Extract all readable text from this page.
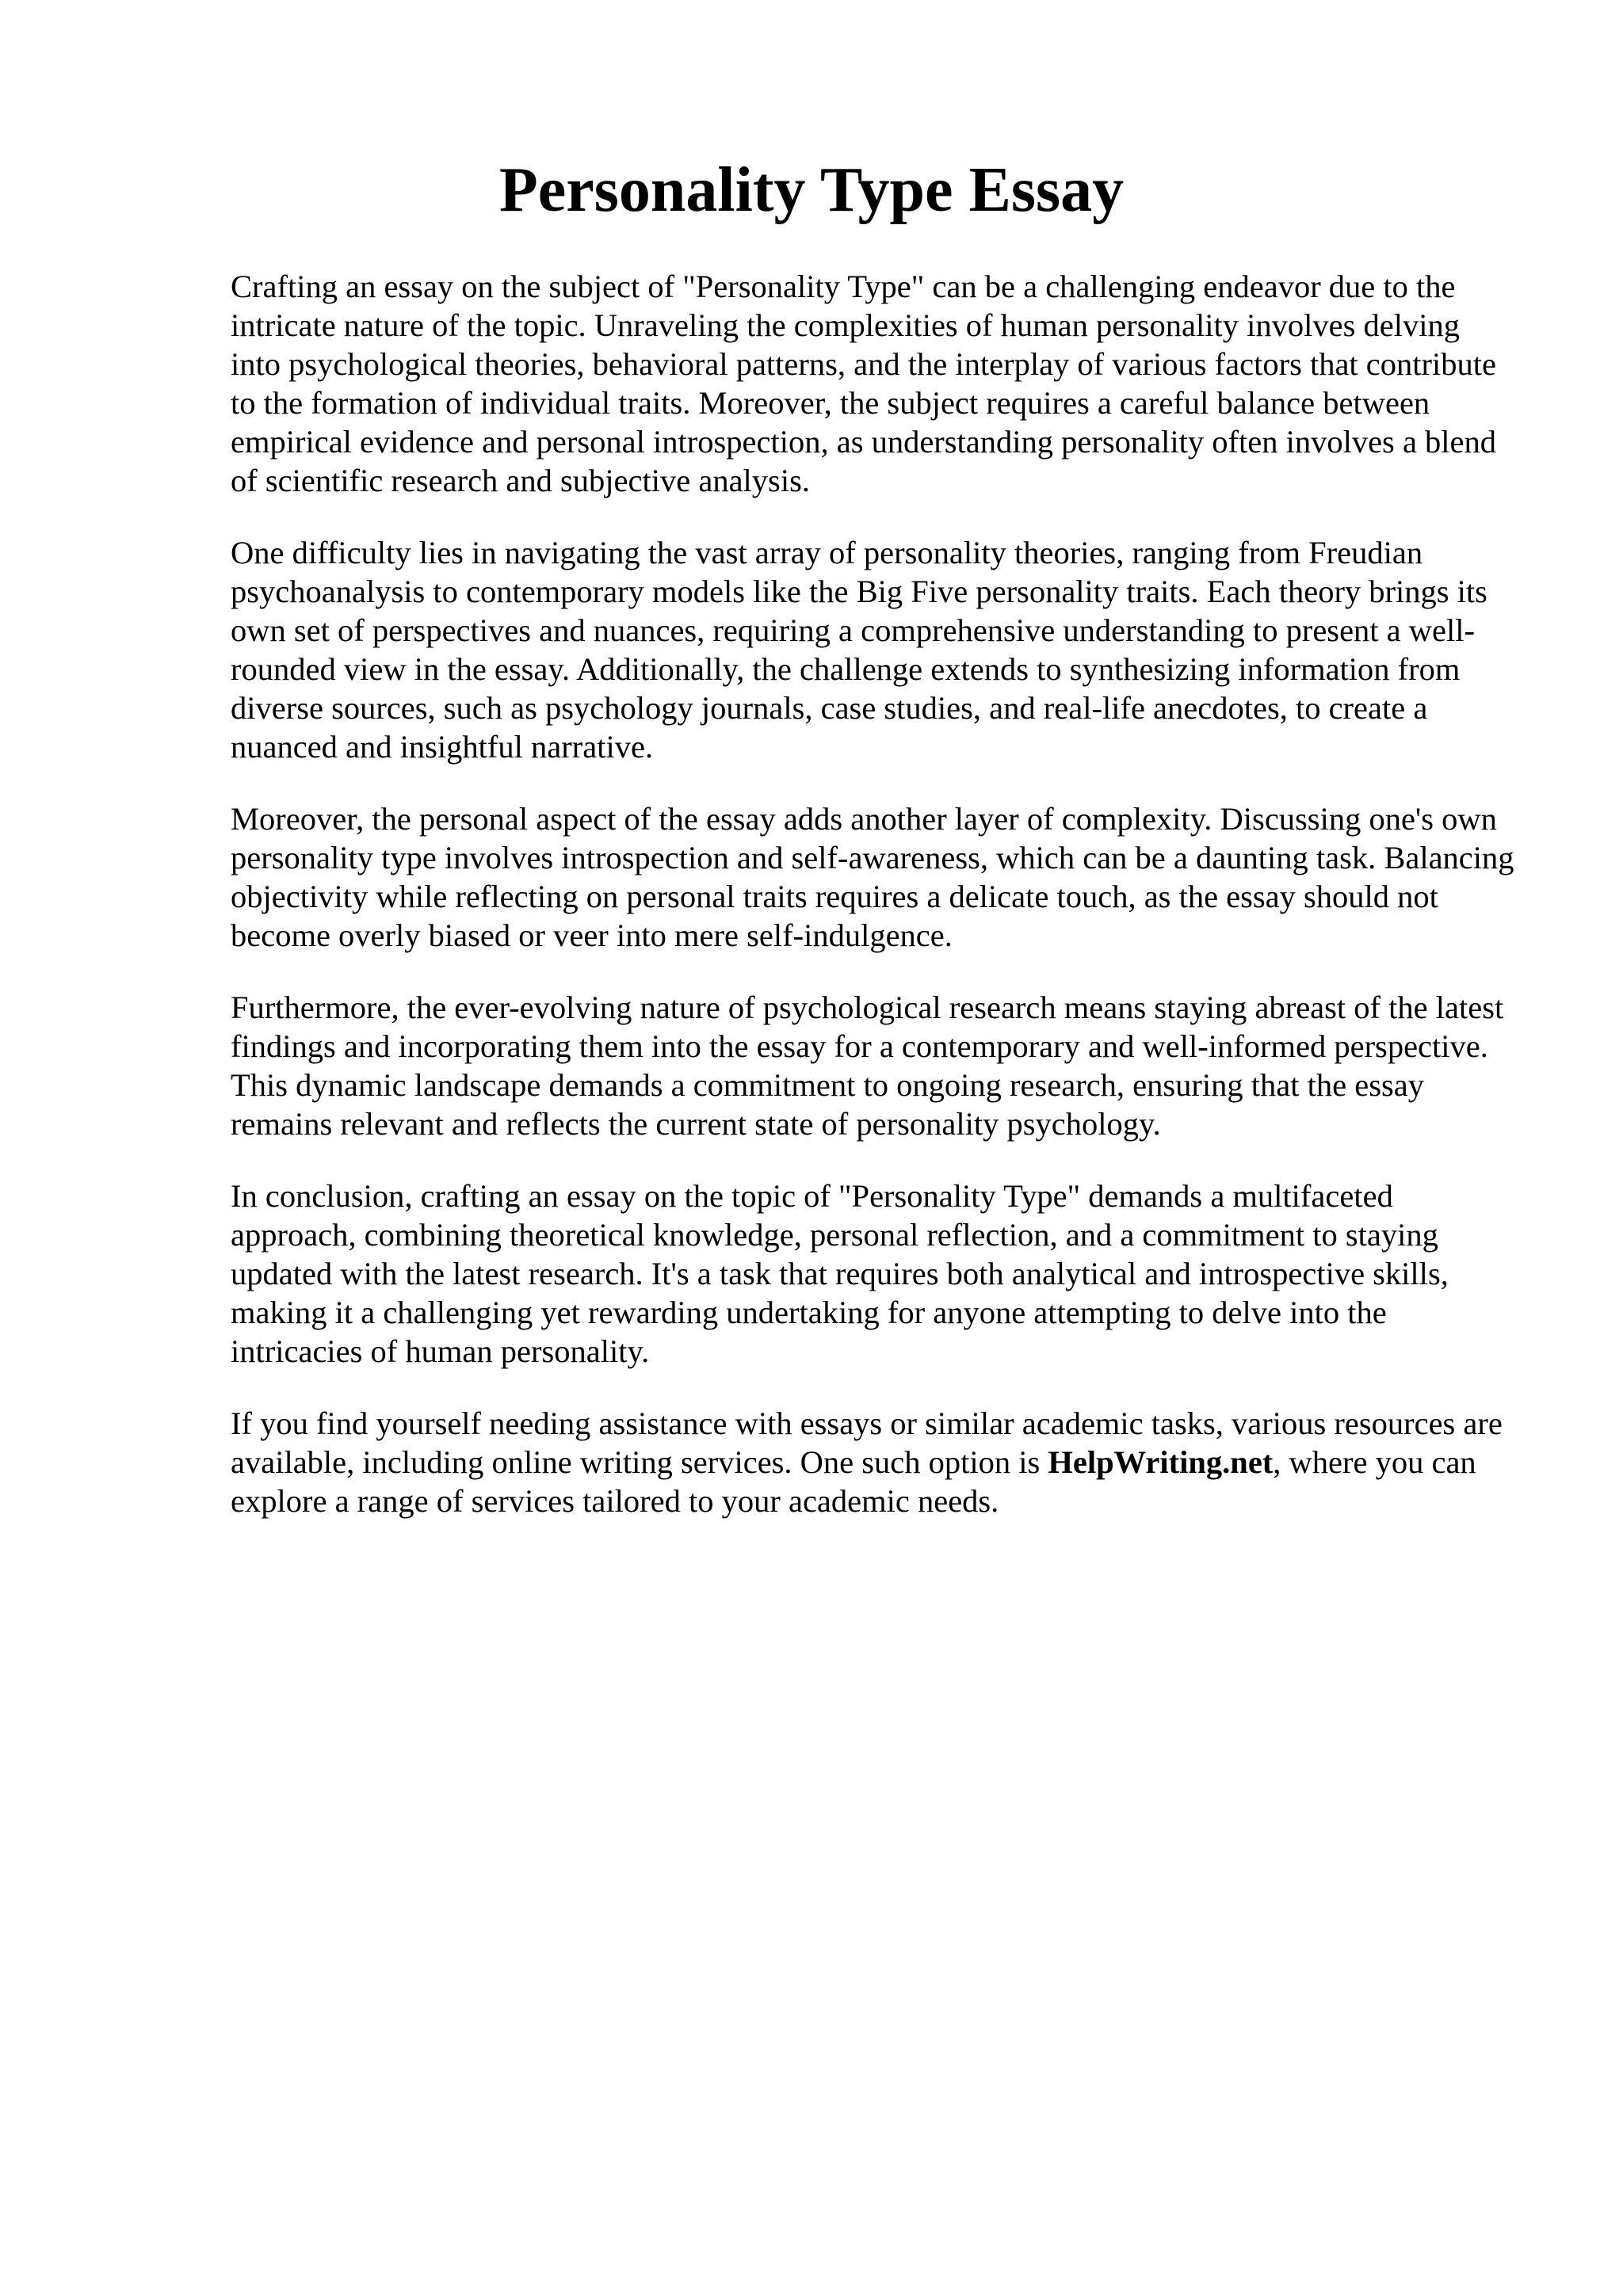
Personality Type Essay

Crafting an essay on the subject of "Personality Type" can be a challenging endeavor due to the intricate nature of the topic. Unraveling the complexities of human personality involves delving into psychological theories, behavioral patterns, and the interplay of various factors that contribute to the formation of individual traits. Moreover, the subject requires a careful balance between empirical evidence and personal introspection, as understanding personality often involves a blend of scientific research and subjective analysis.

One difficulty lies in navigating the vast array of personality theories, ranging from Freudian psychoanalysis to contemporary models like the Big Five personality traits. Each theory brings its own set of perspectives and nuances, requiring a comprehensive understanding to present a well-rounded view in the essay. Additionally, the challenge extends to synthesizing information from diverse sources, such as psychology journals, case studies, and real-life anecdotes, to create a nuanced and insightful narrative.

Moreover, the personal aspect of the essay adds another layer of complexity. Discussing one's own personality type involves introspection and self-awareness, which can be a daunting task. Balancing objectivity while reflecting on personal traits requires a delicate touch, as the essay should not become overly biased or veer into mere self-indulgence.

Furthermore, the ever-evolving nature of psychological research means staying abreast of the latest findings and incorporating them into the essay for a contemporary and well-informed perspective. This dynamic landscape demands a commitment to ongoing research, ensuring that the essay remains relevant and reflects the current state of personality psychology.

In conclusion, crafting an essay on the topic of "Personality Type" demands a multifaceted approach, combining theoretical knowledge, personal reflection, and a commitment to staying updated with the latest research. It's a task that requires both analytical and introspective skills, making it a challenging yet rewarding undertaking for anyone attempting to delve into the intricacies of human personality.

If you find yourself needing assistance with essays or similar academic tasks, various resources are available, including online writing services. One such option is HelpWriting.net, where you can explore a range of services tailored to your academic needs.
